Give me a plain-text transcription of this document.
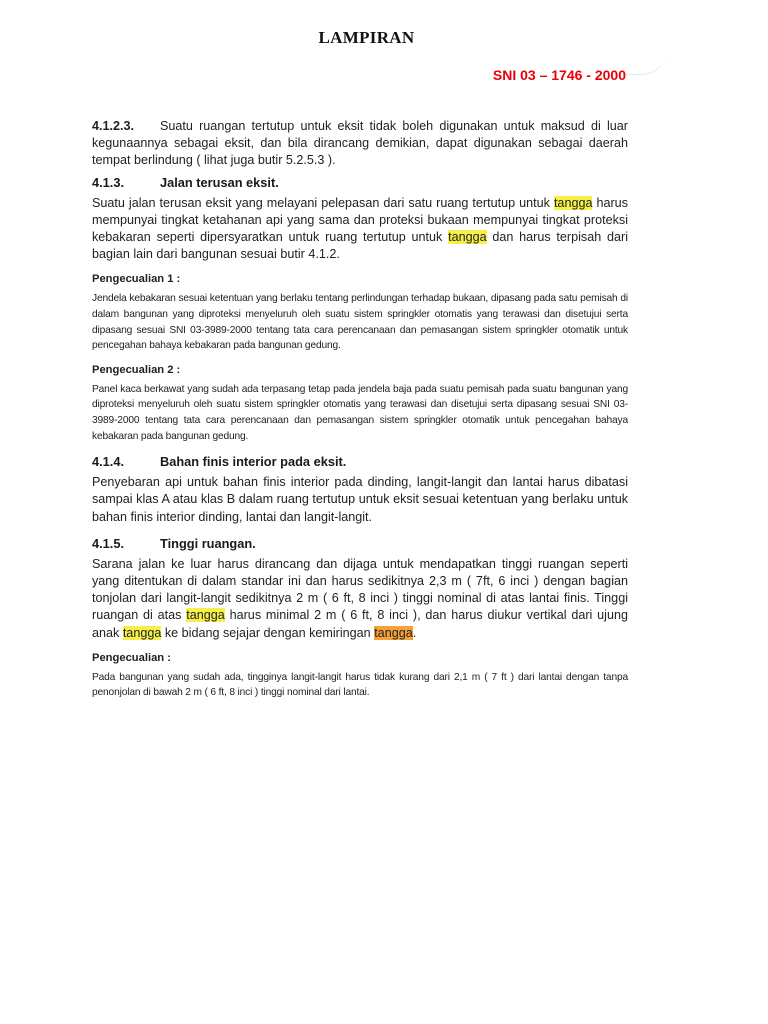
LAMPIRAN
SNI 03 – 1746 - 2000

4.1.2.3. Suatu ruangan tertutup untuk eksit tidak boleh digunakan untuk maksud di luar kegunaannya sebagai eksit, dan bila dirancang demikian, dapat digunakan sebagai daerah tempat berlindung ( lihat juga butir 5.2.5.3 ).

4.1.3.	Jalan terusan eksit.

Suatu jalan terusan eksit yang melayani pelepasan dari satu ruang tertutup untuk tangga harus mempunyai tingkat ketahanan api yang sama dan proteksi bukaan mempunyai tingkat proteksi kebakaran seperti dipersyaratkan untuk ruang tertutup untuk tangga dan harus terpisah dari bagian lain dari bangunan sesuai butir 4.1.2.

Pengecualian 1 :

Jendela kebakaran sesuai ketentuan yang berlaku tentang perlindungan terhadap bukaan, dipasang pada satu pemisah di dalam bangunan yang diproteksi menyeluruh oleh suatu sistem springkler otomatis yang terawasi dan disetujui serta dipasang sesuai SNI 03-3989-2000 tentang tata cara perencanaan dan pemasangan sistem springkler otomatik untuk pencegahan bahaya kebakaran pada bangunan gedung.

Pengecualian 2 :

Panel kaca berkawat yang sudah ada terpasang tetap pada jendela baja pada suatu pemisah pada suatu bangunan yang diproteksi menyeluruh oleh suatu sistem springkler otomatis yang terawasi dan disetujui serta dipasang sesuai SNI 03-3989-2000 tentang tata cara perencanaan dan pemasangan sistem springkler otomatik untuk pencegahan bahaya kebakaran pada bangunan gedung.

4.1.4.	Bahan finis interior pada eksit.

Penyebaran api untuk bahan finis interior pada dinding, langit-langit dan lantai harus dibatasi sampai klas A atau klas B dalam ruang tertutup untuk eksit sesuai ketentuan yang berlaku untuk bahan finis interior dinding, lantai dan langit-langit.

4.1.5.	Tinggi ruangan.

Sarana jalan ke luar harus dirancang dan dijaga untuk mendapatkan tinggi ruangan seperti yang ditentukan di dalam standar ini dan harus sedikitnya 2,3 m ( 7ft, 6 inci ) dengan bagian tonjolan dari langit-langit sedikitnya 2 m ( 6 ft, 8 inci ) tinggi nominal di atas lantai finis. Tinggi ruangan di atas tangga harus minimal 2 m ( 6 ft, 8 inci ), dan harus diukur vertikal dari ujung anak tangga ke bidang sejajar dengan kemiringan tangga.

Pengecualian :

Pada bangunan yang sudah ada, tingginya langit-langit harus tidak kurang dari 2,1 m ( 7 ft ) dari lantai dengan tanpa penonjolan di bawah 2 m ( 6 ft, 8 inci ) tinggi nominal dari lantai.
